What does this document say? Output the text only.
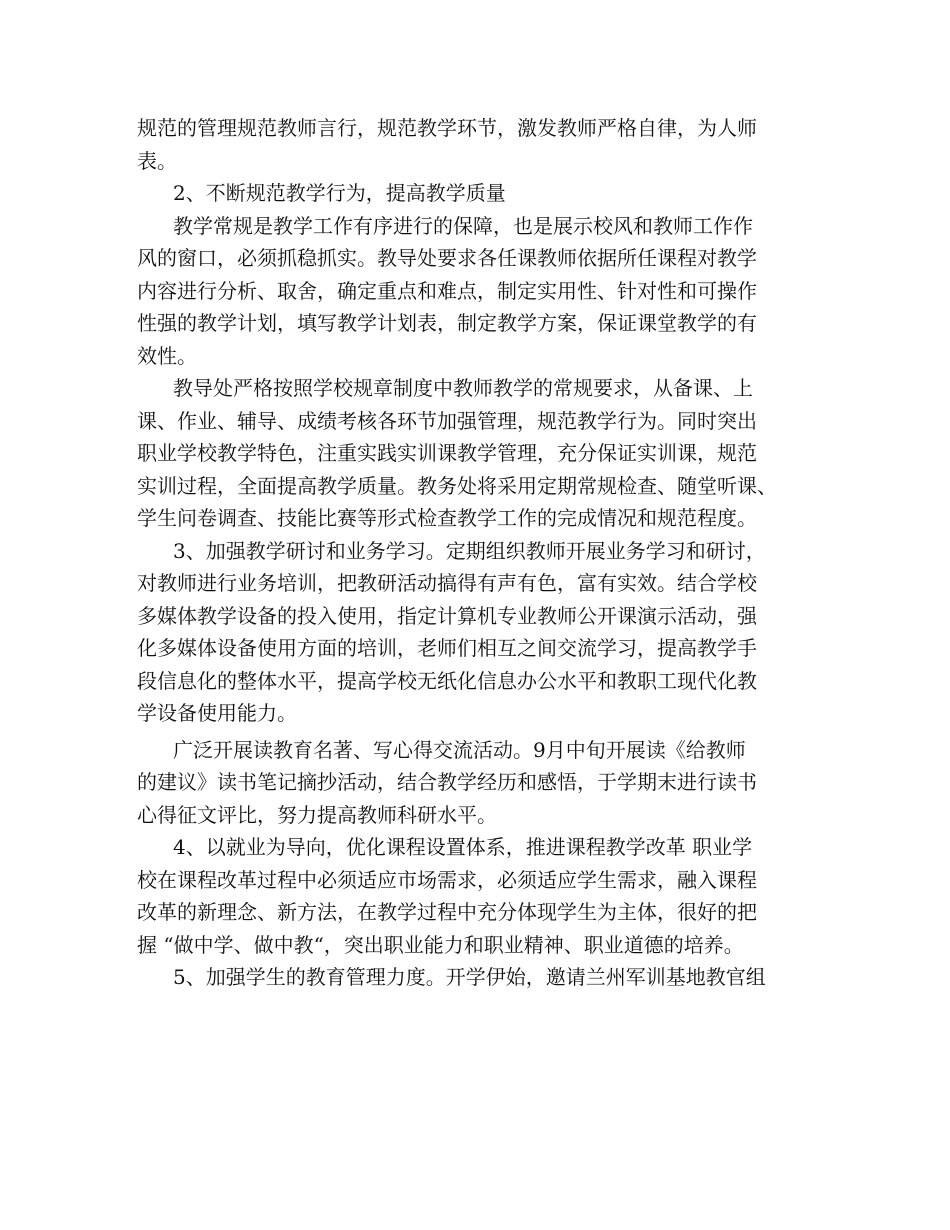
规范的管理规范教师言行，规范教学环节，激发教师严格自律，为人师
表。
2、不断规范教学行为，提高教学质量
教学常规是教学工作有序进行的保障，也是展示校风和教师工作作
风的窗口，必须抓稳抓实。教导处要求各任课教师依据所任课程对教学
内容进行分析、取舍，确定重点和难点，制定实用性、针对性和可操作
性强的教学计划，填写教学计划表，制定教学方案，保证课堂教学的有
效性。
教导处严格按照学校规章制度中教师教学的常规要求，从备课、上
课、作业、辅导、成绩考核各环节加强管理，规范教学行为。同时突出
职业学校教学特色，注重实践实训课教学管理，充分保证实训课，规范
实训过程，全面提高教学质量。教务处将采用定期常规检查、随堂听课、
学生问卷调查、技能比赛等形式检查教学工作的完成情况和规范程度。
3、加强教学研讨和业务学习。定期组织教师开展业务学习和研讨，
对教师进行业务培训，把教研活动搞得有声有色，富有实效。结合学校
多媒体教学设备的投入使用，指定计算机专业教师公开课演示活动，强
化多媒体设备使用方面的培训，老师们相互之间交流学习，提高教学手
段信息化的整体水平，提高学校无纸化信息办公水平和教职工现代化教
学设备使用能力。
广泛开展读教育名著、写心得交流活动。9月中旬开展读《给教师
的建议》读书笔记摘抄活动，结合教学经历和感悟，于学期末进行读书
心得征文评比，努力提高教师科研水平。
4、以就业为导向，优化课程设置体系，推进课程教学改革 职业学
校在课程改革过程中必须适应市场需求，必须适应学生需求，融入课程
改革的新理念、新方法，在教学过程中充分体现学生为主体，很好的把
握 “做中学、做中教“，突出职业能力和职业精神、职业道德的培养。
5、加强学生的教育管理力度。开学伊始，邀请兰州军训基地教官组
